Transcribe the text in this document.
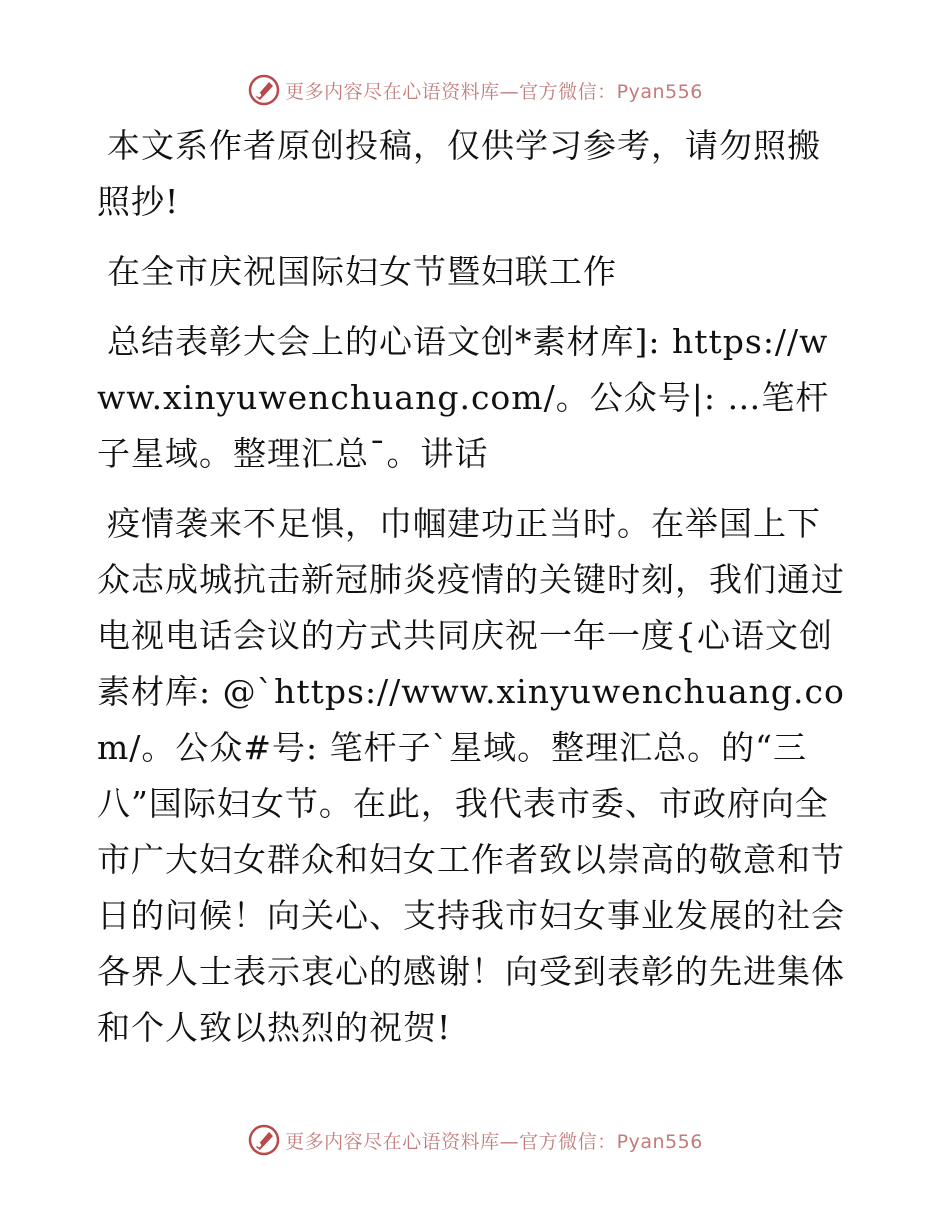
更多内容尽在心语资料库—官方微信：Pyan556

本文系作者原创投稿，仅供学习参考，请勿照搬照抄!

在全市庆祝国际妇女节暨妇联工作

总结表彰大会上的心语文创*素材库]: https://www.xinyuwenchuang.com/。公众号|: …笔杆子星域。整理汇总¯。讲话

疫情袭来不足惧，巾帼建功正当时。在举国上下众志成城抗击新冠肺炎疫情的关键时刻，我们通过电视电话会议的方式共同庆祝一年一度{心语文创素材库: @`https://www.xinyuwenchuang.com/。公众#号: 笔杆子`星域。整理汇总。的“三八”国际妇女节。在此，我代表市委、市政府向全市广大妇女群众和妇女工作者致以崇高的敬意和节日的问候！向关心、支持我市妇女事业发展的社会各界人士表示衷心的感谢！向受到表彰的先进集体和个人致以热烈的祝贺!

更多内容尽在心语资料库—官方微信：Pyan556
